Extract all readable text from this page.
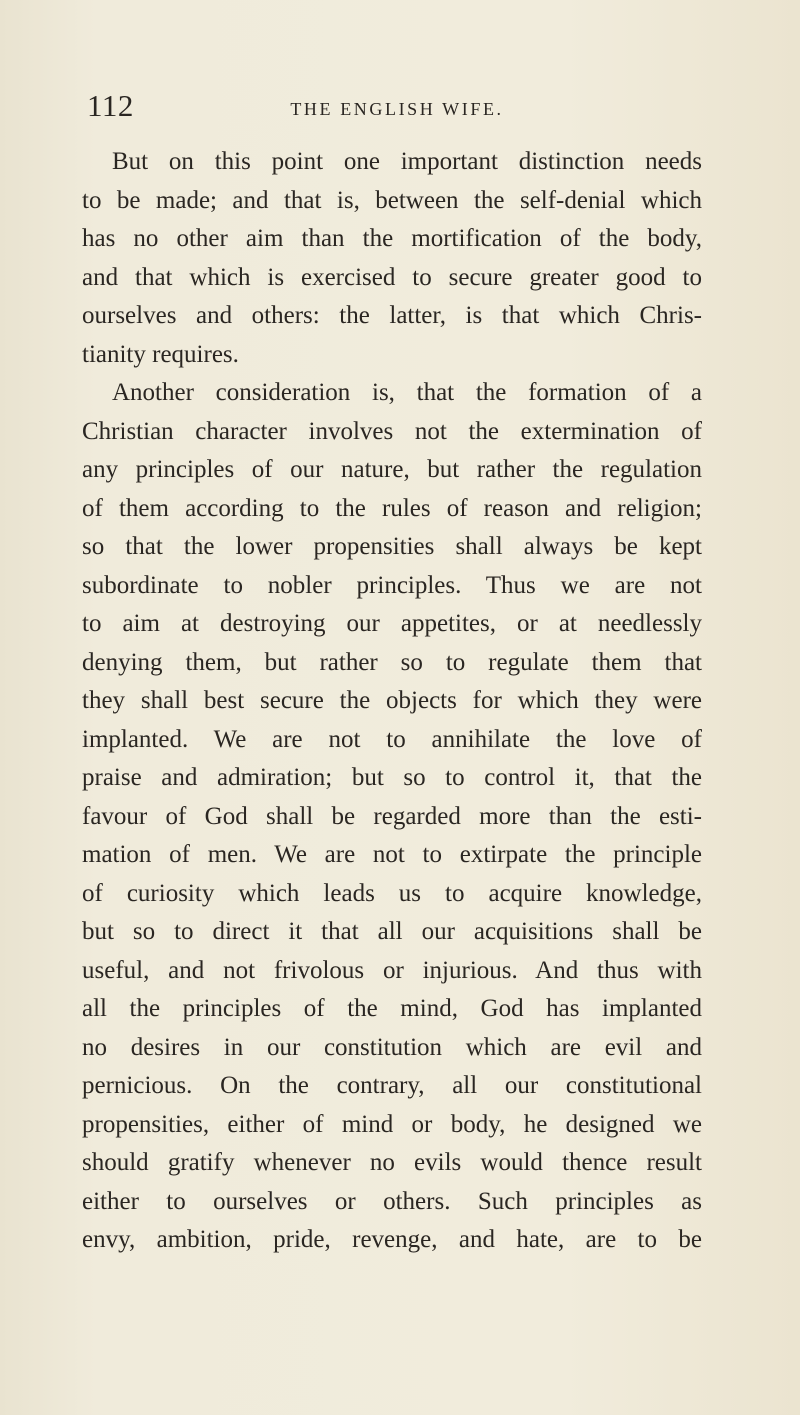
112	THE ENGLISH WIFE.
But on this point one important distinction needs
to be made; and that is, between the self-denial which
has no other aim than the mortification of the body,
and that which is exercised to secure greater good to
ourselves and others: the latter, is that which Chris-
tianity requires.
Another consideration is, that the formation of a
Christian character involves not the extermination of
any principles of our nature, but rather the regulation
of them according to the rules of reason and religion;
so that the lower propensities shall always be kept
subordinate to nobler principles. Thus we are not
to aim at destroying our appetites, or at needlessly
denying them, but rather so to regulate them that
they shall best secure the objects for which they were
implanted. We are not to annihilate the love of
praise and admiration; but so to control it, that the
favour of God shall be regarded more than the esti-
mation of men. We are not to extirpate the principle
of curiosity which leads us to acquire knowledge,
but so to direct it that all our acquisitions shall be
useful, and not frivolous or injurious. And thus with
all the principles of the mind, God has implanted
no desires in our constitution which are evil and
pernicious. On the contrary, all our constitutional
propensities, either of mind or body, he designed we
should gratify whenever no evils would thence result
either to ourselves or others. Such principles as
envy, ambition, pride, revenge, and hate, are to be
